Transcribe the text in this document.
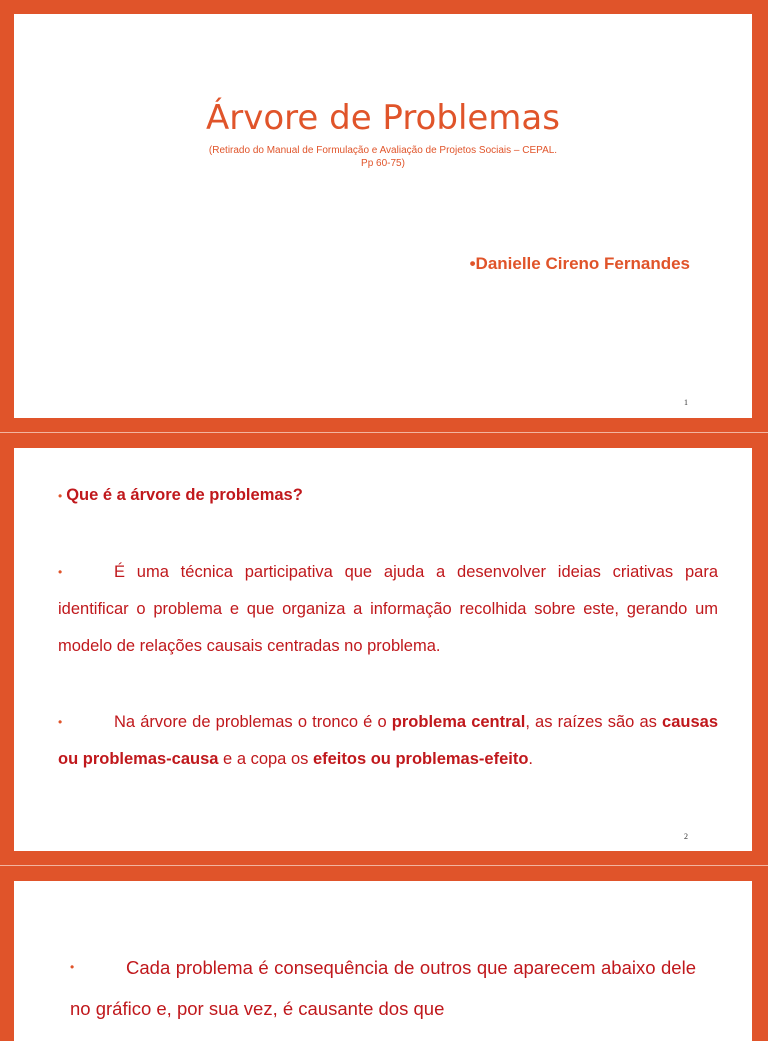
Árvore de Problemas
(Retirado do Manual de Formulação e Avaliação de Projetos Sociais – CEPAL.
Pp 60-75)
•Danielle Cireno Fernandes
1
• Que é a árvore de problemas?

•	É uma técnica participativa que ajuda a desenvolver ideias criativas para identificar o problema e que organiza a informação recolhida sobre este, gerando um modelo de relações causais centradas no problema.

•	Na árvore de problemas o tronco é o problema central, as raízes são as causas ou problemas-causa e a copa os efeitos ou problemas-efeito.

2

•	Cada problema é consequência de outros que aparecem abaixo dele no gráfico e, por sua vez, é causante dos que
